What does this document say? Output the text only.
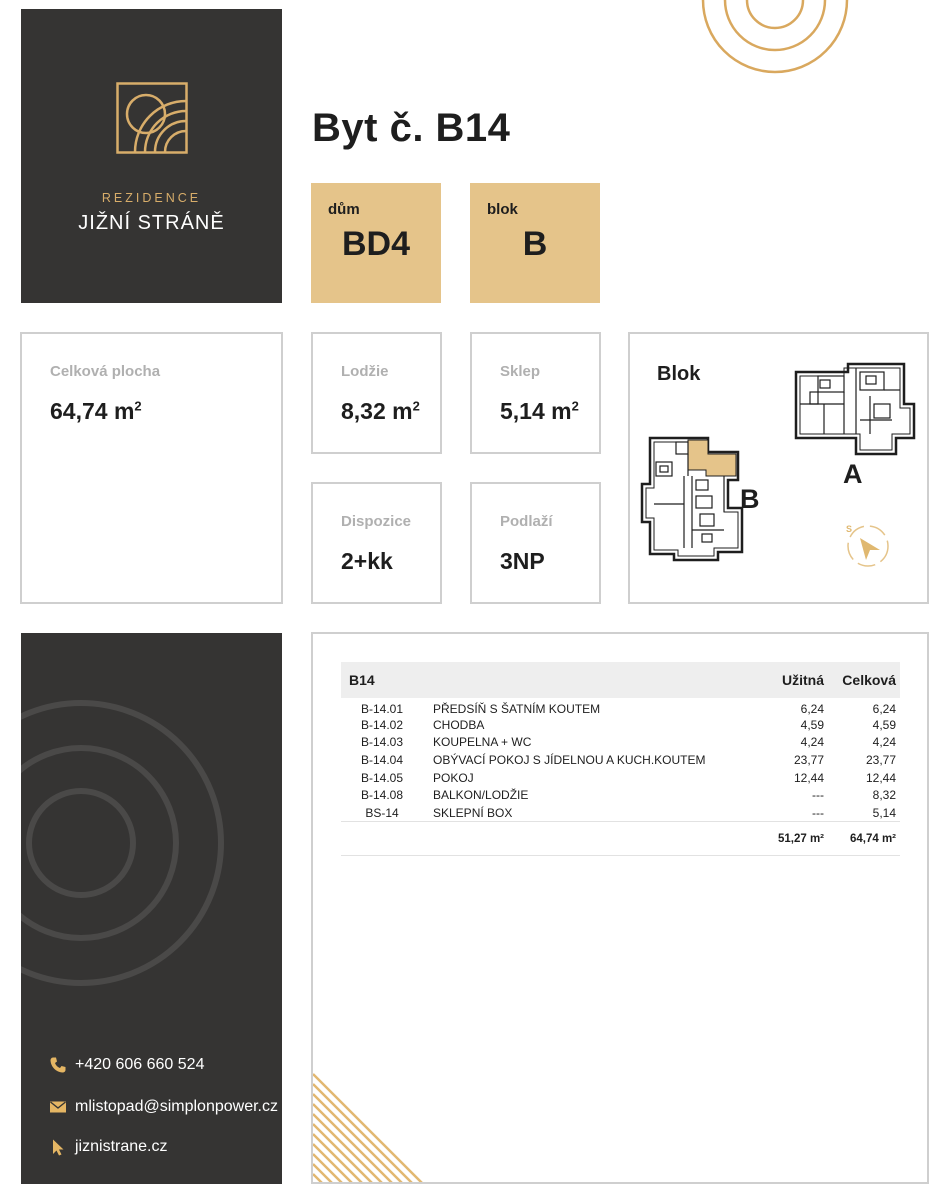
REZIDENCE
JIŽNÍ STRÁNĚ
Byt č. B14
dům
BD4
blok
B
Celková plocha
64,74 $m^2$
Lodžie
8,32 $m^2$
Sklep
5,14 $m^2$
Dispozice
2+kk
Podlaží
3NP
Blok
S
A
B
+420 606 660 524
mlistopad@simplonpower.cz
jiznistrane.cz
B14		Užitná	Celková
B-14.01	PŘEDSÍŇ S ŠATNÍM KOUTEM	6,24	6,24
B-14.02	CHODBA	4,59	4,59
B-14.03	KOUPELNA + WC	4,24	4,24
B-14.04	OBÝVACÍ POKOJ S JÍDELNOU A KUCH.KOUTEM	23,77	23,77
B-14.05	POKOJ	12,44	12,44
B-14.08	BALKON/LODŽIE	---	8,32
BS-14	SKLEPNÍ BOX	---	5,14
		51,27 m²	64,74 m²
